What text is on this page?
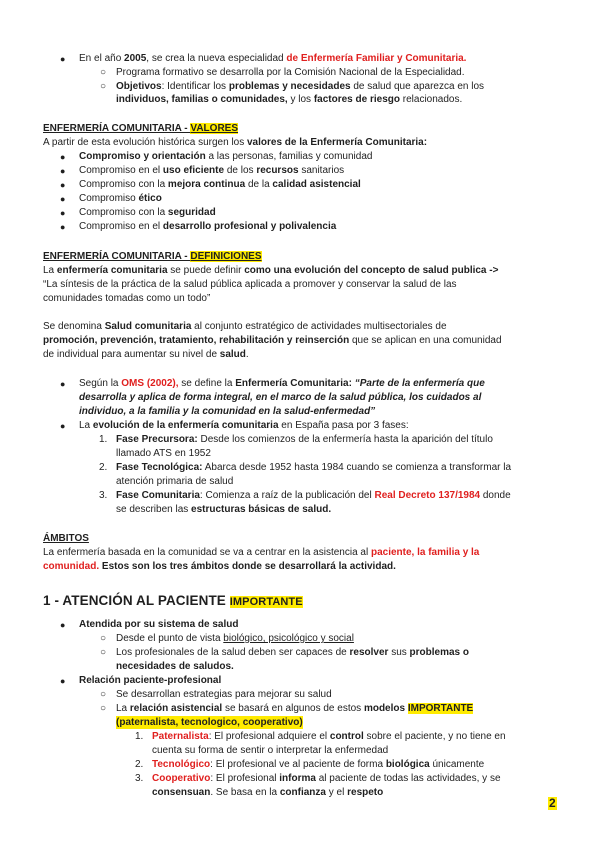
● En el año 2005, se crea la nueva especialidad de Enfermería Familiar y Comunitaria.
○ Programa formativo se desarrolla por la Comisión Nacional de la Especialidad.
○ Objetivos: Identificar los problemas y necesidades de salud que aparezca en los
individuos, familias o comunidades, y los factores de riesgo relacionados.
ENFERMERÍA COMUNITARIA - VALORES
A partir de esta evolución histórica surgen los valores de la Enfermería Comunitaria:
● Compromiso y orientación a las personas, familias y comunidad
● Compromiso en el uso eficiente de los recursos sanitarios
● Compromiso con la mejora continua de la calidad asistencial
● Compromiso ético
● Compromiso con la seguridad
● Compromiso en el desarrollo profesional y polivalencia
ENFERMERÍA COMUNITARIA - DEFINICIONES
La enfermería comunitaria se puede definir como una evolución del concepto de salud publica ->
“La síntesis de la práctica de la salud pública aplicada a promover y conservar la salud de las
comunidades tomadas como un todo”
Se denomina Salud comunitaria al conjunto estratégico de actividades multisectoriales de
promoción, prevención, tratamiento, rehabilitación y reinserción que se aplican en una comunidad
de individual para aumentar su nivel de salud.
● Según la OMS (2002), se define la Enfermería Comunitaria: “Parte de la enfermería que
desarrolla y aplica de forma integral, en el marco de la salud pública, los cuidados al
individuo, a la familia y la comunidad en la salud-enfermedad”
● La evolución de la enfermería comunitaria en España pasa por 3 fases:
1. Fase Precursora: Desde los comienzos de la enfermería hasta la aparición del título
llamado ATS en 1952
2. Fase Tecnológica: Abarca desde 1952 hasta 1984 cuando se comienza a transformar la
atención primaria de salud
3. Fase Comunitaria: Comienza a raíz de la publicación del Real Decreto 137/1984 donde
se describen las estructuras básicas de salud.
ÁMBITOS
La enfermería basada en la comunidad se va a centrar en la asistencia al paciente, la familia y la
comunidad. Estos son los tres ámbitos donde se desarrollará la actividad.
1 - ATENCIÓN AL PACIENTE IMPORTANTE
● Atendida por su sistema de salud
○ Desde el punto de vista biológico, psicológico y social
○ Los profesionales de la salud deben ser capaces de resolver sus problemas o
necesidades de saludos.
● Relación paciente-profesional
○ Se desarrollan estrategias para mejorar su salud
○ La relación asistencial se basará en algunos de estos modelos IMPORTANTE
(paternalista, tecnologico, cooperativo)
1. Paternalista: El profesional adquiere el control sobre el paciente, y no tiene en
cuenta su forma de sentir o interpretar la enfermedad
2. Tecnológico: El profesional ve al paciente de forma biológica únicamente
3. Cooperativo: El profesional informa al paciente de todas las actividades, y se
consensuan. Se basa en la confianza y el respeto
2
